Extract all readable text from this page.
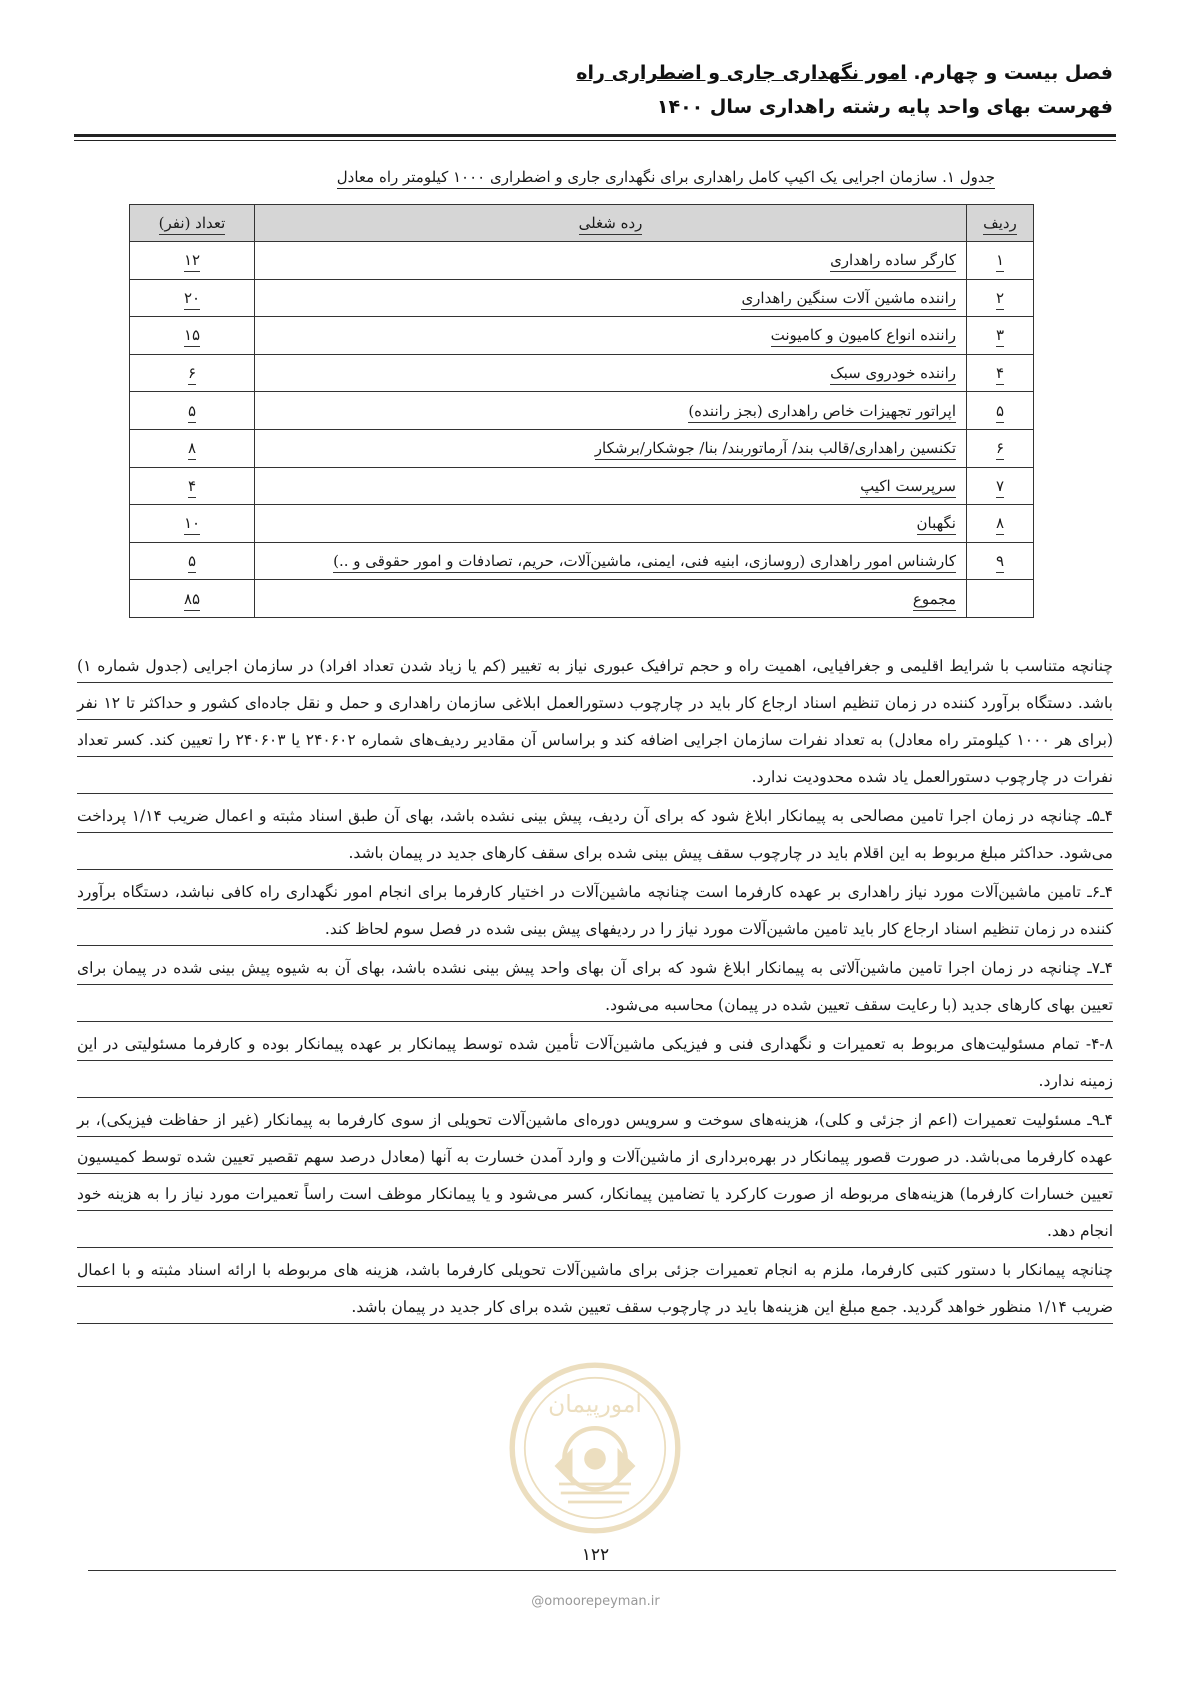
فصل بیست و چهارم. امور نگهداری جاری و اضطراری راه
فهرست بهای واحد پایه رشته راهداری سال ۱۴۰۰
جدول ۱. سازمان اجرایی یک اکیپ کامل راهداری برای نگهداری جاری و اضطراری ۱۰۰۰ کیلومتر راه معادل
ردیف	رده شغلی	تعداد (نفر)
۱	کارگر ساده راهداری	۱۲
۲	راننده ماشین آلات سنگین راهداری	۲۰
۳	راننده انواع کامیون و کامیونت	۱۵
۴	راننده خودروی سبک	۶
۵	اپراتور تجهیزات خاص راهداری (بجز راننده)	۵
۶	تکنسین راهداری/قالب بند/ آرماتوربند/ بنا/ جوشکار/برشکار	۸
۷	سرپرست اکیپ	۴
۸	نگهبان	۱۰
۹	کارشناس امور راهداری (روسازی، ابنیه فنی، ایمنی، ماشین‌آلات، حریم، تصادفات و امور حقوقی و ..)	۵
	مجموع	۸۵

چنانچه متناسب با شرایط اقلیمی و جغرافیایی، اهمیت راه و حجم ترافیک عبوری نیاز به تغییر (کم یا زیاد شدن تعداد افراد) در سازمان اجرایی (جدول شماره ۱) باشد. دستگاه برآورد کننده در زمان تنظیم اسناد ارجاع کار باید در چارچوب دستورالعمل ابلاغی سازمان راهداری و حمل و نقل جاده‌ای کشور و حداکثر تا ۱۲ نفر (برای هر ۱۰۰۰ کیلومتر راه معادل) به تعداد نفرات سازمان اجرایی اضافه کند و براساس آن مقادیر ردیف‌های شماره ۲۴۰۶۰۲ یا ۲۴۰۶۰۳ را تعیین کند. کسر تعداد نفرات در چارچوب دستورالعمل یاد شده محدودیت ندارد.

۴ـ۵ـ چنانچه در زمان اجرا تامین مصالحی به پیمانکار ابلاغ شود که برای آن ردیف، پیش بینی نشده باشد، بهای آن طبق اسناد مثبته و اعمال ضریب ۱/۱۴ پرداخت می‌شود. حداکثر مبلغ مربوط به این اقلام باید در چارچوب سقف پیش بینی شده برای سقف کارهای جدید در پیمان باشد.

۴ـ۶ـ تامین ماشین‌آلات مورد نیاز راهداری بر عهده کارفرما است چنانچه ماشین‌آلات در اختیار کارفرما برای انجام امور نگهداری راه کافی نباشد، دستگاه برآورد کننده در زمان تنظیم اسناد ارجاع کار باید تامین ماشین‌آلات مورد نیاز را در ردیفهای پیش بینی شده در فصل سوم لحاظ کند.

۴ـ۷ـ چنانچه در زمان اجرا تامین ماشین‌آلاتی به پیمانکار ابلاغ شود که برای آن بهای واحد پیش بینی نشده باشد، بهای آن به شیوه پیش بینی شده در پیمان برای تعیین بهای کارهای جدید (با رعایت سقف تعیین شده در پیمان) محاسبه می‌شود.

۴-۸- تمام مسئولیت‌های مربوط به تعمیرات و نگهداری فنی و فیزیکی ماشین‌آلات تأمین شده توسط پیمانکار بر عهده پیمانکار بوده و کارفرما مسئولیتی در این زمینه ندارد.

۴ـ۹ـ مسئولیت تعمیرات (اعم از جزئی و کلی)، هزینه‌های سوخت و سرویس دوره‌ای ماشین‌آلات تحویلی از سوی کارفرما به پیمانکار (غیر از حفاظت فیزیکی)، بر عهده کارفرما می‌باشد. در صورت قصور پیمانکار در بهره‌برداری از ماشین‌آلات و وارد آمدن خسارت به آنها (معادل درصد سهم تقصیر تعیین شده توسط کمیسیون تعیین خسارات کارفرما) هزینه‌های مربوطه از صورت کارکرد یا تضامین پیمانکار، کسر می‌شود و یا پیمانکار موظف است راساً تعمیرات مورد نیاز را به هزینه خود انجام دهد.

چنانچه پیمانکار با دستور کتبی کارفرما، ملزم به انجام تعمیرات جزئی برای ماشین‌آلات تحویلی کارفرما باشد، هزینه های مربوطه با ارائه اسناد مثبته و با اعمال ضریب ۱/۱۴ منظور خواهد گردید. جمع مبلغ این هزینه‌ها باید در چارچوب سقف تعیین شده برای کار جدید در پیمان باشد.

امورپیمان
۱۲۲
@omoorepeyman.ir
